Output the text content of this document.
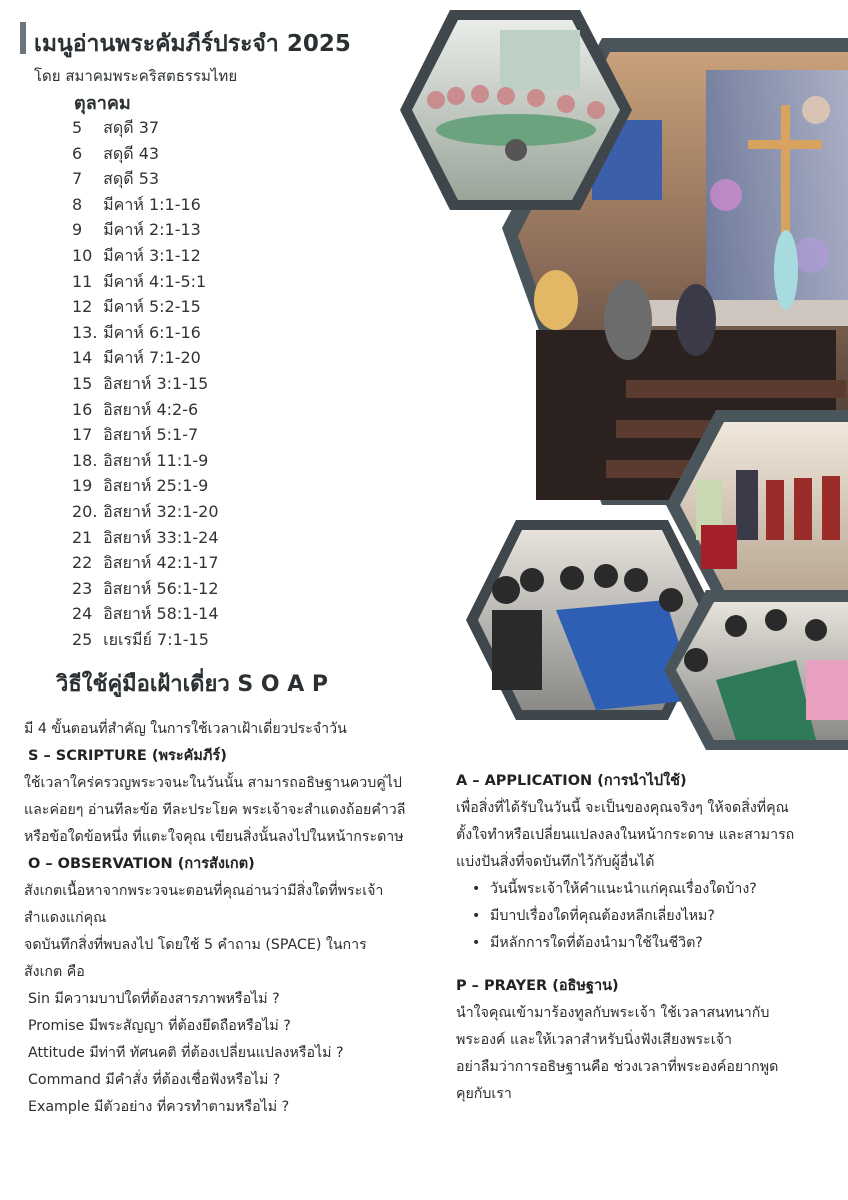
เมนูอ่านพระคัมภีร์ประจำ 2025
โดย สมาคมพระคริสตธรรมไทย
ตุลาคม
5 สดุดี 37
6 สดุดี 43
7 สดุดี 53
8 มีคาห์ 1:1-16
9 มีคาห์ 2:1-13
10 มีคาห์ 3:1-12
11 มีคาห์ 4:1-5:1
12 มีคาห์ 5:2-15
13. มีคาห์ 6:1-16
14 มีคาห์ 7:1-20
15 อิสยาห์ 3:1-15
16 อิสยาห์ 4:2-6
17 อิสยาห์ 5:1-7
18. อิสยาห์ 11:1-9
19 อิสยาห์ 25:1-9
20. อิสยาห์ 32:1-20
21 อิสยาห์ 33:1-24
22 อิสยาห์ 42:1-17
23 อิสยาห์ 56:1-12
24 อิสยาห์ 58:1-14
25 เยเรมีย์ 7:1-15
วิธีใช้คู่มือเฝ้าเดี่ยว S O A P

มี 4 ขั้นตอนที่สำคัญ ในการใช้เวลาเฝ้าเดี่ยวประจำวัน

S – SCRIPTURE (พระคัมภีร์)

ใช้เวลาใคร่ครวญพระวจนะในวันนั้น สามารถอธิษฐานควบคู่ไป

และค่อยๆ อ่านทีละข้อ ทีละประโยค พระเจ้าจะสำแดงถ้อยคำวลี

หรือข้อใดข้อหนึ่ง ที่แตะใจคุณ เขียนสิ่งนั้นลงไปในหน้ากระดาษ

O – OBSERVATION (การสังเกต)

สังเกตเนื้อหาจากพระวจนะตอนที่คุณอ่านว่ามีสิ่งใดที่พระเจ้า

สำแดงแก่คุณ

จดบันทึกสิ่งที่พบลงไป โดยใช้ 5 คำถาม (SPACE) ในการ

สังเกต คือ

Sin มีความบาปใดที่ต้องสารภาพหรือไม่ ?

Promise มีพระสัญญา ที่ต้องยึดถือหรือไม่ ?

Attitude มีท่าที ทัศนคติ ที่ต้องเปลี่ยนแปลงหรือไม่ ?

Command มีคำสั่ง ที่ต้องเชื่อฟังหรือไม่ ?

Example มีตัวอย่าง ที่ควรทำตามหรือไม่ ?

A – APPLICATION (การนำไปใช้)

เพื่อสิ่งที่ได้รับในวันนี้ จะเป็นของคุณจริงๆ ให้จดสิ่งที่คุณ

ตั้งใจทำหรือเปลี่ยนแปลงลงในหน้ากระดาษ และสามารถ

แบ่งปันสิ่งที่จดบันทึกไว้กับผู้อื่นได้

• วันนี้พระเจ้าให้คำแนะนำแก่คุณเรื่องใดบ้าง?
• มีบาปเรื่องใดที่คุณต้องหลีกเลี่ยงไหม?
• มีหลักการใดที่ต้องนำมาใช้ในชีวิต?

P – PRAYER (อธิษฐาน)

นำใจคุณเข้ามาร้องทูลกับพระเจ้า ใช้เวลาสนทนากับ

พระองค์ และให้เวลาสำหรับนิ่งฟังเสียงพระเจ้า

อย่าลืมว่าการอธิษฐานคือ ช่วงเวลาที่พระองค์อยากพูด

คุยกับเรา
